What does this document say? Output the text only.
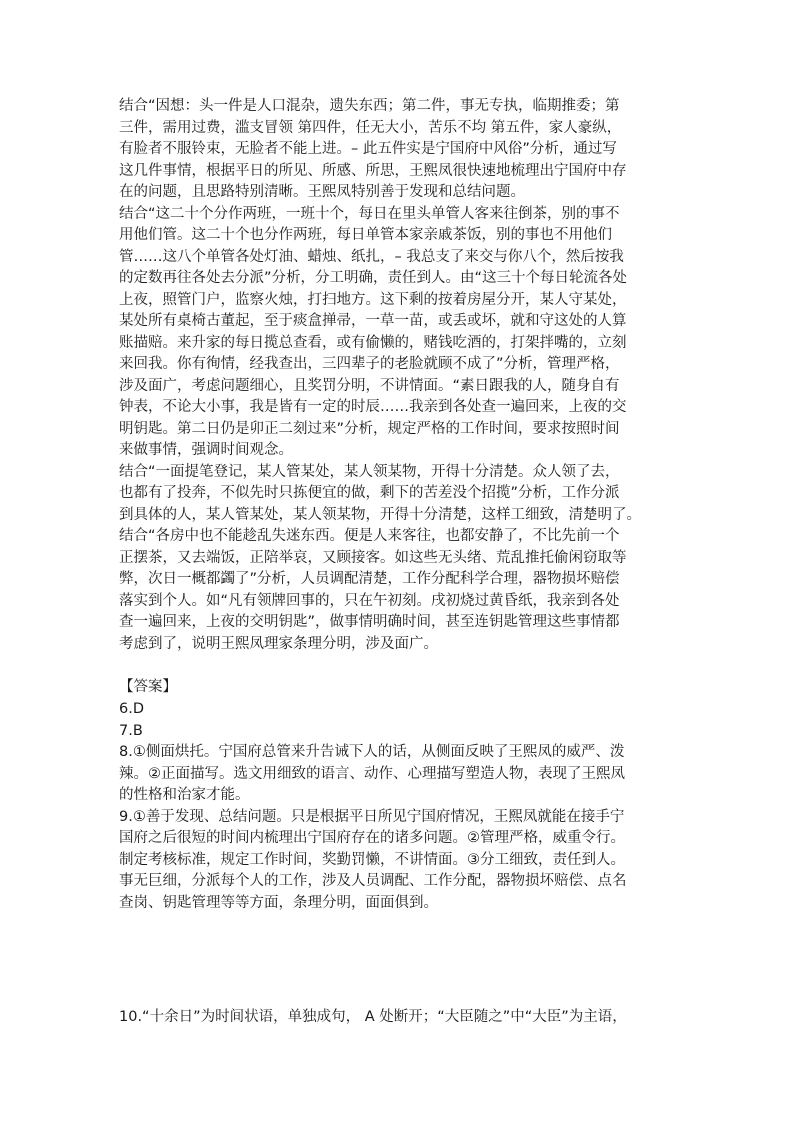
结合“因想：头一件是人口混杂，遗失东西；第二件，事无专执，临期推委；第
三件，需用过费，滥支冒领 第四件，任无大小，苦乐不均 第五件，家人豪纵，
有脸者不服铃束，无脸者不能上进。– 此五件实是宁国府中风俗”分析，通过写
这几件事情，根据平日的所见、所感、所思，王熙凤很快速地梳理出宁国府中存
在的问题，且思路特别清晰。王熙凤特别善于发现和总结问题。
结合“这二十个分作两班，一班十个，每日在里头单管人客来往倒茶，别的事不
用他们管。这二十个也分作两班，每日单管本家亲戚茶饭，别的事也不用他们
管……这八个单管各处灯油、蜡烛、纸扎，– 我总支了来交与你八个，然后按我
的定数再往各处去分派”分析，分工明确，责任到人。由“这三十个每日轮流各处
上夜，照管门户，监察火烛，打扫地方。这下剩的按着房屋分开，某人守某处，
某处所有桌椅古董起，至于痰盒掸帚，一草一苗，或丢或坏，就和守这处的人算
账描赔。来升家的每日揽总查看，或有偷懒的，赌钱吃酒的，打架拌嘴的，立刻
来回我。你有徇情，经我查出，三四辈子的老脸就顾不成了”分析，管理严格，
涉及面广，考虑问题细心，且奖罚分明，不讲情面。“素日跟我的人，随身自有
钟表，不论大小事，我是皆有一定的时辰……我亲到各处查一遍回来，上夜的交
明钥匙。第二日仍是卯正二刻过来”分析，规定严格的工作时间，要求按照时间
来做事情，强调时间观念。
结合“一面提笔登记，某人管某处，某人领某物，开得十分清楚。众人领了去，
也都有了投奔，不似先时只拣便宜的做，剩下的苦差没个招揽”分析，工作分派
到具体的人，某人管某处，某人领某物，开得十分清楚，这样工细致，清楚明了。
结合“各房中也不能趁乱失迷东西。便是人来客往，也都安静了，不比先前一个
正摆茶，又去端饭，正陪举哀，又顾接客。如这些无头绪、荒乱推托偷闲窃取等
弊，次日一概都蠲了”分析，人员调配清楚，工作分配科学合理，器物损坏赔偿
落实到个人。如“凡有领牌回事的，只在午初刻。戌初烧过黄昏纸，我亲到各处
查一遍回来，上夜的交明钥匙”，做事情明确时间，甚至连钥匙管理这些事情都
考虑到了，说明王熙凤理家条理分明，涉及面广。
【答案】
6.D
7.B
8.①侧面烘托。宁国府总管来升告诫下人的话，从侧面反映了王熙凤的威严、泼
辣。②正面描写。选文用细致的语言、动作、心理描写塑造人物，表现了王熙凤
的性格和治家才能。
9.①善于发现、总结问题。只是根据平日所见宁国府情况，王熙凤就能在接手宁
国府之后很短的时间内梳理出宁国府存在的诸多问题。②管理严格，威重令行。
制定考核标准，规定工作时间，奖勤罚懒，不讲情面。③分工细致，责任到人。
事无巨细，分派每个人的工作，涉及人员调配、工作分配，器物损坏赔偿、点名
查岗、钥匙管理等等方面，条理分明，面面俱到。
10.“十余日”为时间状语，单独成句， A 处断开；“大臣随之”中“大臣”为主语，
